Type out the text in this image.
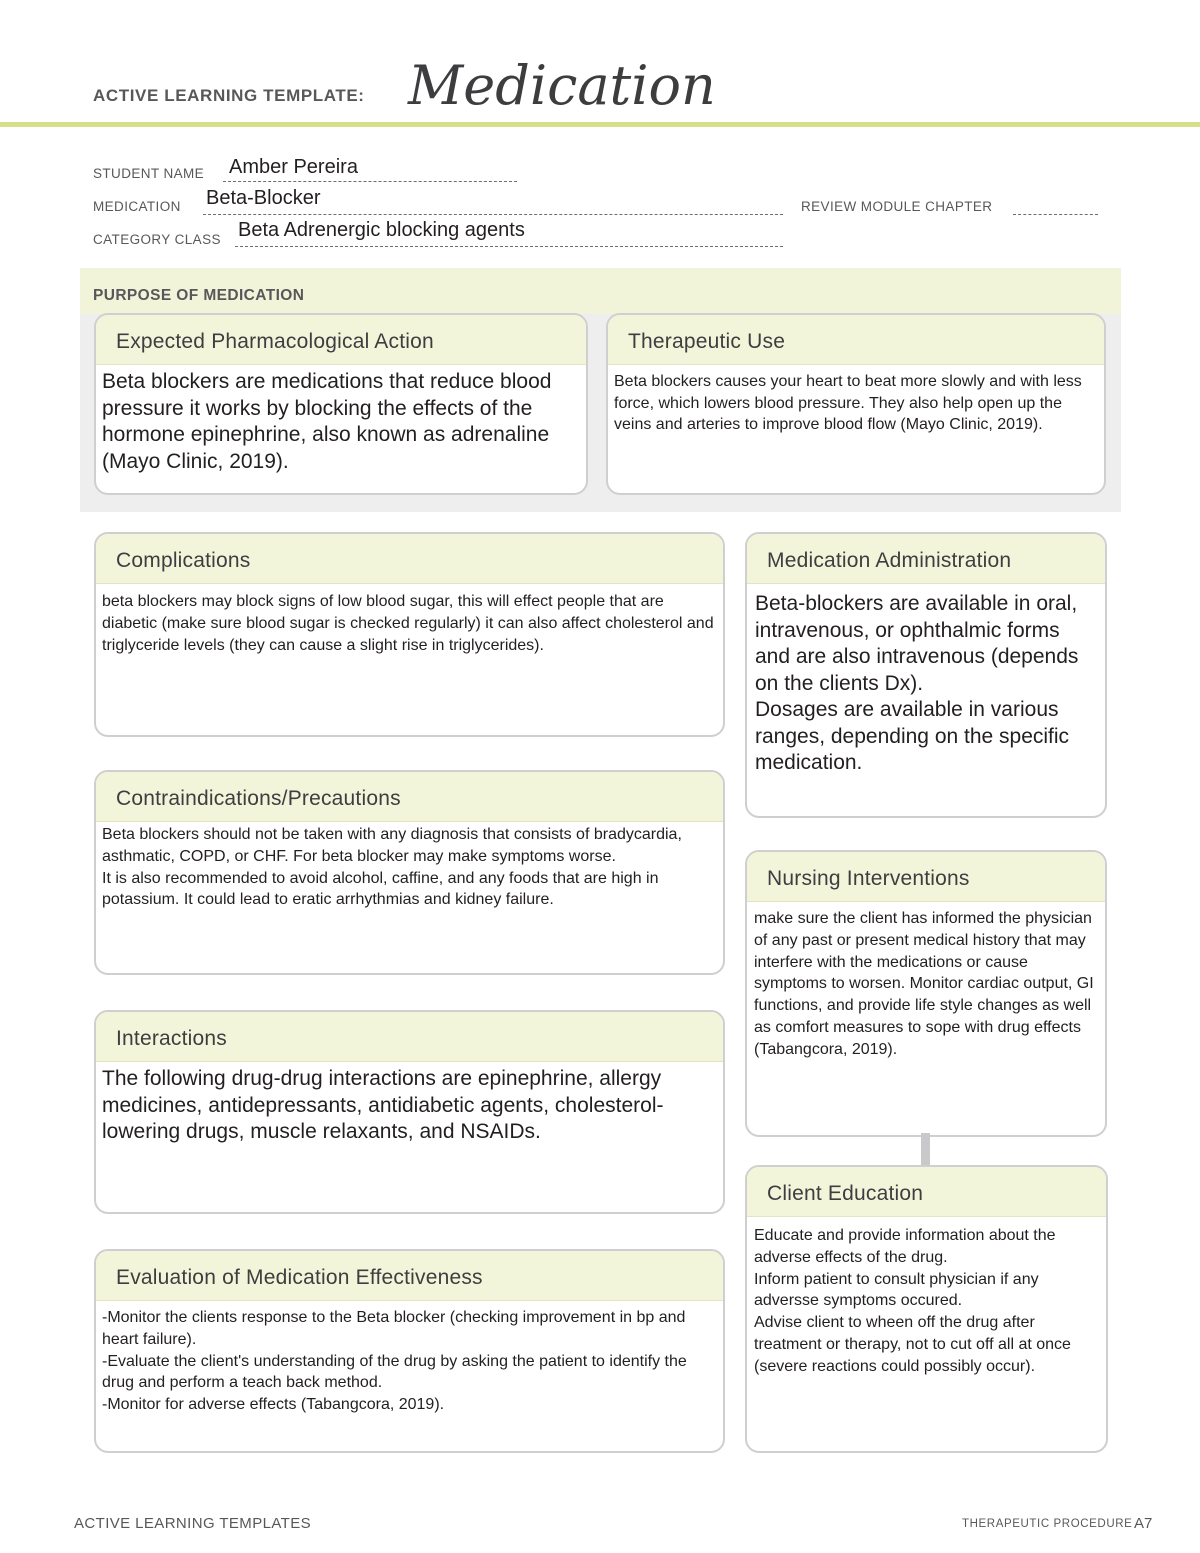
ACTIVE LEARNING TEMPLATE: Medication
STUDENT NAME Amber Pereira
MEDICATION Beta-Blocker	REVIEW MODULE CHAPTER
CATEGORY CLASS Beta Adrenergic blocking agents
PURPOSE OF MEDICATION
Expected Pharmacological Action
Beta blockers are medications that reduce blood pressure it works by blocking the effects of the hormone epinephrine, also known as adrenaline (Mayo Clinic, 2019).
Therapeutic Use
Beta blockers causes your heart to beat more slowly and with less force, which lowers blood pressure. They also help open up the veins and arteries to improve blood flow (Mayo Clinic, 2019).
Complications
beta blockers may block signs of low blood sugar, this will effect people that are diabetic (make sure blood sugar is checked regularly) it can also affect cholesterol and triglyceride levels (they can cause a slight rise in triglycerides).
Medication Administration

Beta-blockers are available in oral, intravenous, or ophthalmic forms and are also intravenous (depends on the clients Dx).

Dosages are available in various ranges, depending on the specific medication.

Contraindications/Precautions

Beta blockers should not be taken with any diagnosis that consists of bradycardia, asthmatic, COPD, or CHF. For beta blocker may make symptoms worse.

It is also recommended to avoid alcohol, caffine, and any foods that are high in potassium. It could lead to eratic arrhythmias and kidney failure.

Nursing Interventions
make sure the client has informed the physician of any past or present medical history that may interfere with the medications or cause symptoms to worsen. Monitor cardiac output, GI functions, and provide life style changes as well as comfort measures to sope with drug effects (Tabangcora, 2019).
Interactions
The following drug-drug interactions are epinephrine, allergy medicines, antidepressants, antidiabetic agents, cholesterol-lowering drugs, muscle relaxants, and NSAIDs.
Client Education

Educate and provide information about the adverse effects of the drug.

Inform patient to consult physician if any adversse symptoms occured.

Advise client to wheen off the drug after treatment or therapy, not to cut off all at once (severe reactions could possibly occur).

Evaluation of Medication Effectiveness

-Monitor the clients response to the Beta blocker (checking improvement in bp and heart failure).

-Evaluate the client's understanding of the drug by asking the patient to identify the drug and perform a teach back method.

-Monitor for adverse effects (Tabangcora, 2019).

ACTIVE LEARNING TEMPLATES	THERAPEUTIC PROCEDURE A7
